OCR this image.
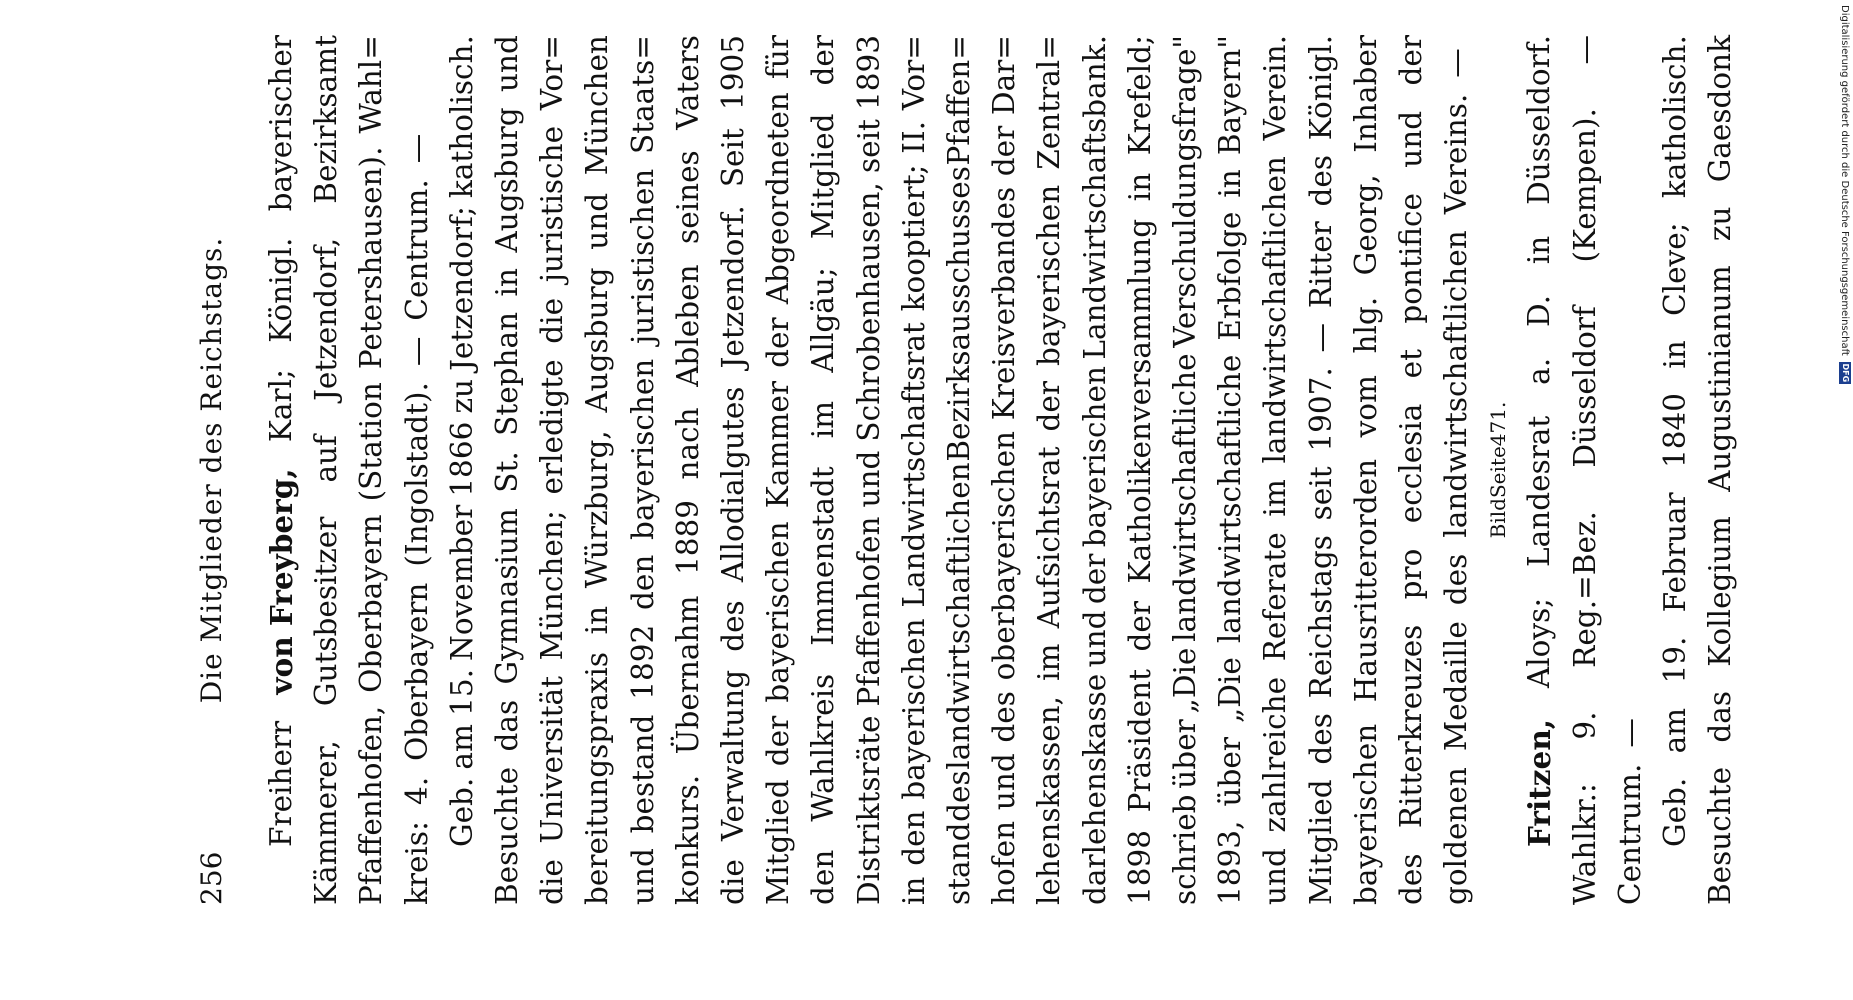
256
Die Mitglieder des Reichstags.
Freiherr
von Freyberg,
Karl;
Königl.
bayerischer
Kämmerer,
Gutsbesitzer
auf
Jetzendorf,
Bezirksamt
Pfaffenhofen,
Oberbayern
(Station
Petershausen).
Wahl=
kreis:
4.
Oberbayern
(Ingolstadt).
—
Centrum.
—
Geb.
am
15.
November
1866
zu
Jetzendorf;
katholisch.
Besuchte
das
Gymnasium
St.
Stephan
in
Augsburg
und
die
Universität
München;
erledigte
die
juristische
Vor=
bereitungspraxis
in
Würzburg,
Augsburg
und
München
und
bestand
1892
den
bayerischen
juristischen
Staats=
konkurs.
Übernahm
1889
nach
Ableben
seines
Vaters
die
Verwaltung
des
Allodialgutes
Jetzendorf.
Seit
1905
Mitglied
der
bayerischen
Kammer
der
Abgeordneten
für
den
Wahlkreis
Immenstadt
im
Allgäu;
Mitglied
der
Distriktsräte
Pfaffenhofen
und
Schrobenhausen,
seit
1893
in
den
bayerischen
Landwirtschaftsrat
kooptiert;
II.
Vor=
stand
des
landwirtschaftlichen
Bezirksausschusses
Pfaffen=
hofen
und
des
oberbayerischen
Kreisverbandes
der
Dar=
lehenskassen,
im
Aufsichtsrat
der
bayerischen
Zentral=
darlehenskasse
und
der
bayerischen
Landwirtschaftsbank.
1898
Präsident
der
Katholikenversammlung
in
Krefeld;
schrieb
über
„Die
landwirtschaftliche
Verschuldungsfrage"
1893,
über
„Die
landwirtschaftliche
Erbfolge
in
Bayern"
und
zahlreiche
Referate
im
landwirtschaftlichen
Verein.
Mitglied
des
Reichstags
seit
1907.
—
Ritter
des
Königl.
bayerischen
Hausritterorden
vom
hlg.
Georg,
Inhaber
des
Ritterkreuzes
pro
ecclesia
et
pontifice
und
der
goldenen
Medaille
des
landwirtschaftlichen
Vereins.
—
Bild
Seite
471.
Fritzen,
Aloys;
Landesrat
a.
D.
in
Düsseldorf.
Wahlkr.:
9.
Reg.=Bez.
Düsseldorf
(Kempen).
—
Centrum.
—
Geb.
am
19.
Februar
1840
in
Cleve;
katholisch.
Besuchte
das
Kollegium
Augustinianum
zu
Gaesdonk	Digitalisierung gefördert durch die Deutsche Forschungsgemeinschaft
DFG
